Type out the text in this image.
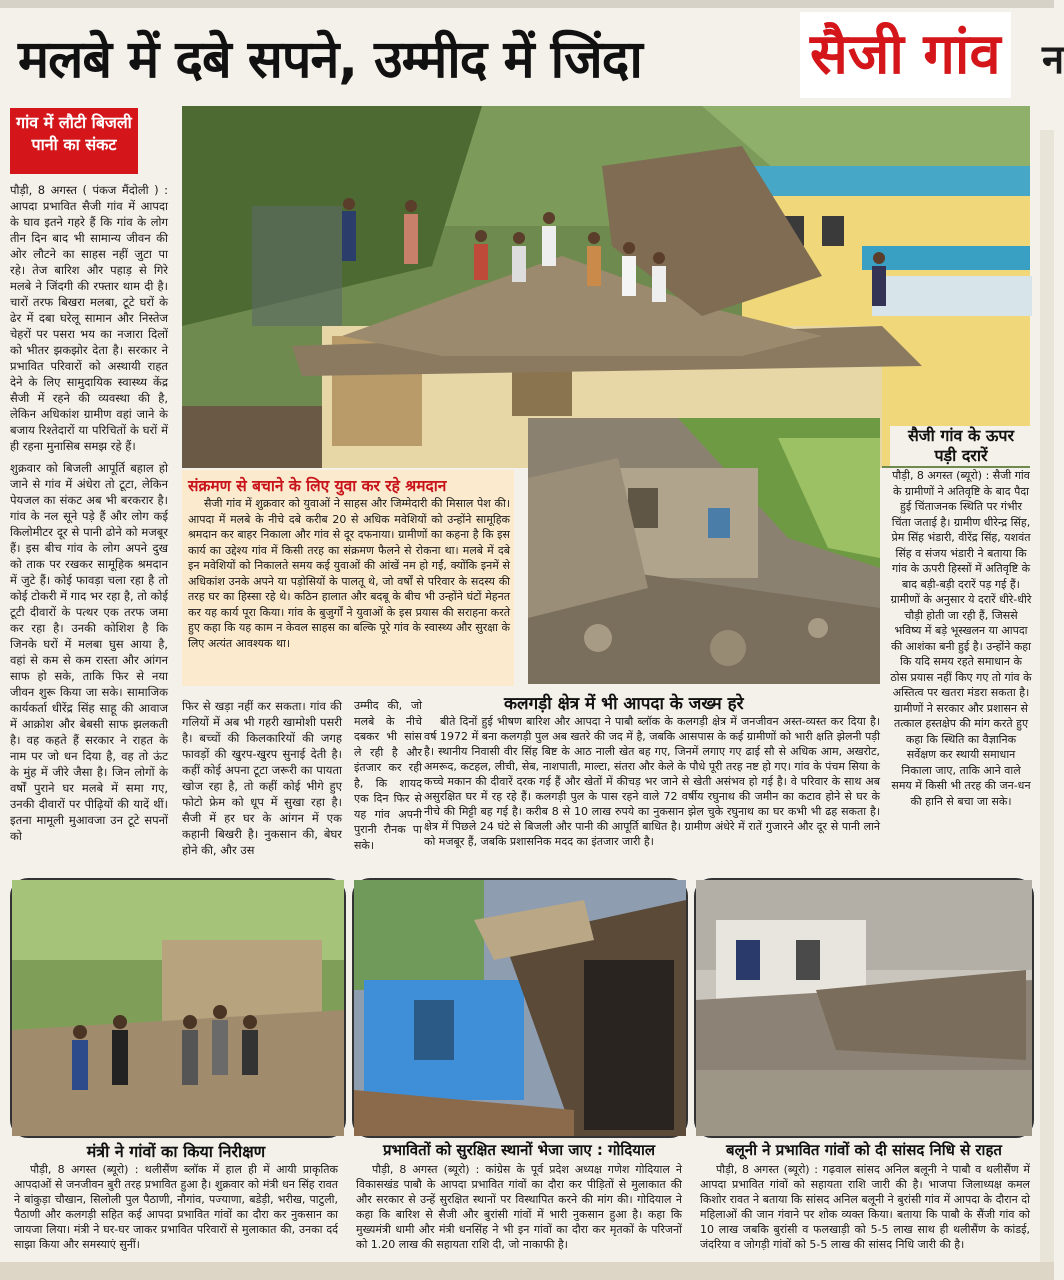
मलबे में दबे सपने, उम्मीद में जिंदा	सैजी गांव न
गांव में लौटी बिजली
पानी का संकट

पौड़ी, 8 अगस्त ( पंकज मैंदोली ) : आपदा प्रभावित सैजी गांव में आपदा के घाव इतने गहरे हैं कि गांव के लोग तीन दिन बाद भी सामान्य जीवन की ओर लौटने का साहस नहीं जुटा पा रहे। तेज बारिश और पहाड़ से गिरे मलबे ने जिंदगी की रफ्तार थाम दी है। चारों तरफ बिखरा मलबा, टूटे घरों के ढेर में दबा घरेलू सामान और निस्तेज चेहरों पर पसरा भय का नजारा दिलों को भीतर झकझोर देता है। सरकार ने प्रभावित परिवारों को अस्थायी राहत देने के लिए सामुदायिक स्वास्थ्य केंद्र सैजी में रहने की व्यवस्था की है, लेकिन अधिकांश ग्रामीण वहां जाने के बजाय रिश्तेदारों या परिचितों के घरों में ही रहना मुनासिब समझ रहे हैं।

शुक्रवार को बिजली आपूर्ति बहाल हो जाने से गांव में अंधेरा तो टूटा, लेकिन पेयजल का संकट अब भी बरकरार है। गांव के नल सूने पड़े हैं और लोग कई किलोमीटर दूर से पानी ढोने को मजबूर हैं। इस बीच गांव के लोग अपने दुख को ताक पर रखकर सामूहिक श्रमदान में जुटे हैं। कोई फावड़ा चला रहा है तो कोई टोकरी में गाद भर रहा है, तो कोई टूटी दीवारों के पत्थर एक तरफ जमा कर रहा है। उनकी कोशिश है कि जिनके घरों में मलबा घुस आया है, वहां से कम से कम रास्ता और आंगन साफ हो सके, ताकि फिर से नया जीवन शुरू किया जा सके। सामाजिक कार्यकर्ता धीरेंद्र सिंह साहू की आवाज में आक्रोश और बेबसी साफ झलकती है। वह कहते हैं सरकार ने राहत के नाम पर जो धन दिया है, वह तो ऊंट के मुंह में जीरे जैसा है। जिन लोगों के वर्षों पुराने घर मलबे में समा गए, उनकी दीवारों पर पीढ़ियों की यादें थीं। इतना मामूली मुआवजा उन टूटे सपनों को

संक्रमण से बचाने के लिए युवा कर रहे श्रमदान

सैजी गांव में शुक्रवार को युवाओं ने साहस और जिम्मेदारी की मिसाल पेश की। आपदा में मलबे के नीचे दबे करीब 20 से अधिक मवेशियों को उन्होंने सामूहिक श्रमदान कर बाहर निकाला और गांव से दूर दफनाया। ग्रामीणों का कहना है कि इस कार्य का उद्देश्य गांव में किसी तरह का संक्रमण फैलने से रोकना था। मलबे में दबे इन मवेशियों को निकालते समय कई युवाओं की आंखें नम हो गईं, क्योंकि इनमें से अधिकांश उनके अपने या पड़ोसियों के पालतू थे, जो वर्षों से परिवार के सदस्य की तरह घर का हिस्सा रहे थे। कठिन हालात और बदबू के बीच भी उन्होंने घंटों मेहनत कर यह कार्य पूरा किया। गांव के बुजुर्गों ने युवाओं के इस प्रयास की सराहना करते हुए कहा कि यह काम न केवल साहस का बल्कि पूरे गांव के स्वास्थ्य और सुरक्षा के लिए अत्यंत आवश्यक था।

सैजी गांव के ऊपर
पड़ी दरारें

पौड़ी, 8 अगस्त (ब्यूरो) : सैजी गांव के ग्रामीणों ने अतिवृष्टि के बाद पैदा हुई चिंताजनक स्थिति पर गंभीर चिंता जताई है। ग्रामीण धीरेन्द्र सिंह, प्रेम सिंह भंडारी, वीरेंद्र सिंह, यशवंत सिंह व संजय भंडारी ने बताया कि गांव के ऊपरी हिस्सों में अतिवृष्टि के बाद बड़ी-बड़ी दरारें पड़ गई हैं। ग्रामीणों के अनुसार ये दरारें धीरे-धीरे चौड़ी होती जा रही हैं, जिससे भविष्य में बड़े भूस्खलन या आपदा की आशंका बनी हुई है। उन्होंने कहा कि यदि समय रहते समाधान के ठोस प्रयास नहीं किए गए तो गांव के अस्तित्व पर खतरा मंडरा सकता है। ग्रामीणों ने सरकार और प्रशासन से तत्काल हस्तक्षेप की मांग करते हुए कहा कि स्थिति का वैज्ञानिक सर्वेक्षण कर स्थायी समाधान निकाला जाए, ताकि आने वाले समय में किसी भी तरह की जन-धन की हानि से बचा जा सके।

फिर से खड़ा नहीं कर सकता। गांव की गलियों में अब भी गहरी खामोशी पसरी है। बच्चों की किलकारियों की जगह फावड़ों की खुरप-खुरप सुनाई देती है। कहीं कोई अपना टूटा जरूरी का पायता खोज रहा है, तो कहीं कोई भीगे हुए फोटो फ्रेम को धूप में सुखा रहा है। सैजी में हर घर के आंगन में एक कहानी बिखरी है। नुकसान की, बेघर होने की, और उस

उम्मीद की, जो मलबे के नीचे दबकर भी सांस ले रही है और इंतजार कर रही है, कि शायद एक दिन फिर से यह गांव अपनी पुरानी रौनक पा सके।

कलगड़ी क्षेत्र में भी आपदा के जख्म हरे

बीते दिनों हुई भीषण बारिश और आपदा ने पाबौ ब्लॉक के कलगड़ी क्षेत्र में जनजीवन अस्त-व्यस्त कर दिया है। वर्ष 1972 में बना कलगड़ी पुल अब खतरे की जद में है, जबकि आसपास के कई ग्रामीणों को भारी क्षति झेलनी पड़ी है। स्थानीय निवासी वीर सिंह बिष्ट के आठ नाली खेत बह गए, जिनमें लगाए गए ढाई सौ से अधिक आम, अखरोट, अमरूद, कटहल, लीची, सेब, नाशपाती, माल्टा, संतरा और केले के पौधे पूरी तरह नष्ट हो गए। गांव के पंचम सिया के कच्चे मकान की दीवारें दरक गई हैं और खेतों में कीचड़ भर जाने से खेती असंभव हो गई है। वे परिवार के साथ अब असुरक्षित घर में रह रहे हैं। कलगड़ी पुल के पास रहने वाले 72 वर्षीय रघुनाथ की जमीन का कटाव होने से घर के नीचे की मिट्टी बह गई है। करीब 8 से 10 लाख रुपये का नुकसान झेल चुके रघुनाथ का घर कभी भी ढह सकता है। क्षेत्र में पिछले 24 घंटे से बिजली और पानी की आपूर्ति बाधित है। ग्रामीण अंधेरे में रातें गुजारने और दूर से पानी लाने को मजबूर हैं, जबकि प्रशासनिक मदद का इंतजार जारी है।

मंत्री ने गांवों का किया निरीक्षण

पौड़ी, 8 अगस्त (ब्यूरो) : थलीसैंण ब्लॉक में हाल ही में आयी प्राकृतिक आपदाओं से जनजीवन बुरी तरह प्रभावित हुआ है। शुक्रवार को मंत्री धन सिंह रावत ने बांकुड़ा चौखान, सिलोली पुल पैठाणी, नौगांव, पज्याणा, बडेड़ी, भरीख, पाटुली, पैठाणी और कलगड़ी सहित कई आपदा प्रभावित गांवों का दौरा कर नुकसान का जायजा लिया। मंत्री ने घर-घर जाकर प्रभावित परिवारों से मुलाकात की, उनका दर्द साझा किया और समस्याएं सुनीं।

प्रभावितों को सुरक्षित स्थानों भेजा जाए : गोदियाल

पौड़ी, 8 अगस्त (ब्यूरो) : कांग्रेस के पूर्व प्रदेश अध्यक्ष गणेश गोदियाल ने विकासखंड पाबौ के आपदा प्रभावित गांवों का दौरा कर पीड़ितों से मुलाकात की और सरकार से उन्हें सुरक्षित स्थानों पर विस्थापित करने की मांग की। गोदियाल ने कहा कि बारिश से सैजी और बुरांसी गांवों में भारी नुकसान हुआ है। कहा कि मुख्यमंत्री धामी और मंत्री धनसिंह ने भी इन गांवों का दौरा कर मृतकों के परिजनों को 1.20 लाख की सहायता राशि दी, जो नाकाफी है।

बलूनी ने प्रभावित गांवों को दी सांसद निधि से राहत

पौड़ी, 8 अगस्त (ब्यूरो) : गढ़वाल सांसद अनिल बलूनी ने पाबौ व थलीसैंण में आपदा प्रभावित गांवों को सहायता राशि जारी की है। भाजपा जिलाध्यक्ष कमल किशोर रावत ने बताया कि सांसद अनिल बलूनी ने बुरांसी गांव में आपदा के दौरान दो महिलाओं की जान गंवाने पर शोक व्यक्त किया। बताया कि पाबौ के सैंजी गांव को 10 लाख जबकि बुरांसी व फलखाड़ी को 5-5 लाख साथ ही थलीसैंण के कांडई, जंदरिया व जोगड़ी गांवों को 5-5 लाख की सांसद निधि जारी की है।
